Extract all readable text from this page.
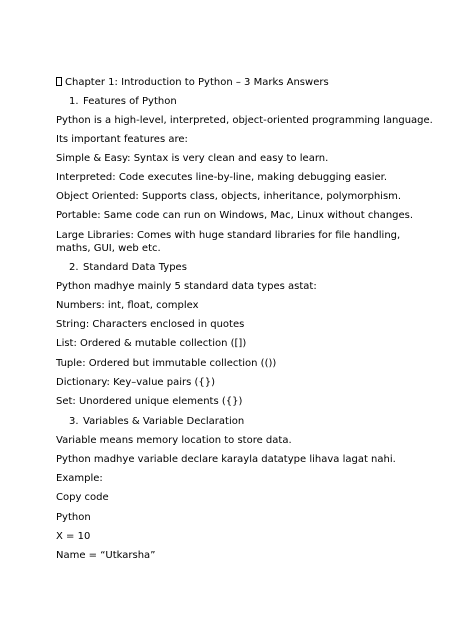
Chapter 1: Introduction to Python – 3 Marks Answers
1. Features of Python
Python is a high-level, interpreted, object-oriented programming language.
Its important features are:
Simple & Easy: Syntax is very clean and easy to learn.
Interpreted: Code executes line-by-line, making debugging easier.
Object Oriented: Supports class, objects, inheritance, polymorphism.
Portable: Same code can run on Windows, Mac, Linux without changes.
Large Libraries: Comes with huge standard libraries for file handling, maths, GUI, web etc.
2. Standard Data Types
Python madhye mainly 5 standard data types astat:
Numbers: int, float, complex
String: Characters enclosed in quotes
List: Ordered & mutable collection ([])
Tuple: Ordered but immutable collection (())
Dictionary: Key–value pairs ({})
Set: Unordered unique elements ({})
3. Variables & Variable Declaration
Variable means memory location to store data.
Python madhye variable declare karayla datatype lihava lagat nahi.
Example:
Copy code
Python
X = 10
Name = “Utkarsha”
